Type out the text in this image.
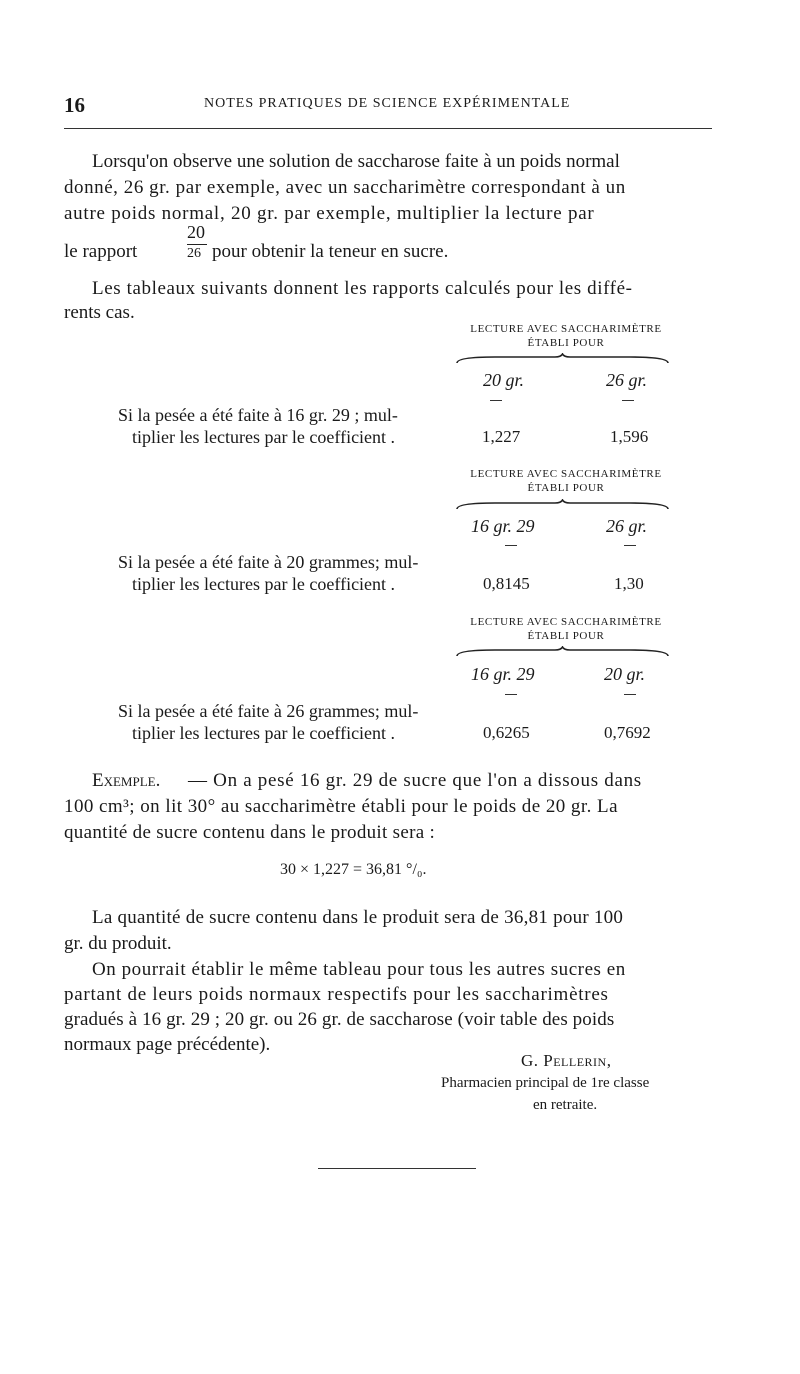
16	NOTES PRATIQUES DE SCIENCE EXPÉRIMENTALE
Lorsqu'on observe une solution de saccharose faite à un poids normal
donné, 26 gr. par exemple, avec un saccharimètre correspondant à un
autre poids normal, 20 gr. par exemple, multiplier la lecture par
le rapport
20
26 pour obtenir la teneur en sucre.
Les tableaux suivants donnent les rapports calculés pour les diffé-
rents cas.
LECTURE AVEC SACCHARIMÈTRE
ÉTABLI POUR
20 gr.	26 gr.
Si la pesée a été faite à 16 gr. 29 ; mul-
tiplier les lectures par le coefficient .	1,227	1,596
LECTURE AVEC SACCHARIMÈTRE
ÉTABLI POUR
16 gr. 29	26 gr.
Si la pesée a été faite à 20 grammes; mul-
tiplier les lectures par le coefficient .	0,8145	1,30
LECTURE AVEC SACCHARIMÈTRE
ÉTABLI POUR
16 gr. 29	20 gr.
Si la pesée a été faite à 26 grammes; mul-
tiplier les lectures par le coefficient .	0,6265	0,7692
Exemple. — On a pesé 16 gr. 29 de sucre que l'on a dissous dans
100 cm³; on lit 30° au saccharimètre établi pour le poids de 20 gr. La
quantité de sucre contenu dans le produit sera :
30 × 1,227 = 36,81 °/₀.
La quantité de sucre contenu dans le produit sera de 36,81 pour 100
gr. du produit.
On pourrait établir le même tableau pour tous les autres sucres en
partant de leurs poids normaux respectifs pour les saccharimètres
gradués à 16 gr. 29 ; 20 gr. ou 26 gr. de saccharose (voir table des poids
normaux page précédente).
G. Pellerin,
Pharmacien principal de 1re classe
en retraite.
